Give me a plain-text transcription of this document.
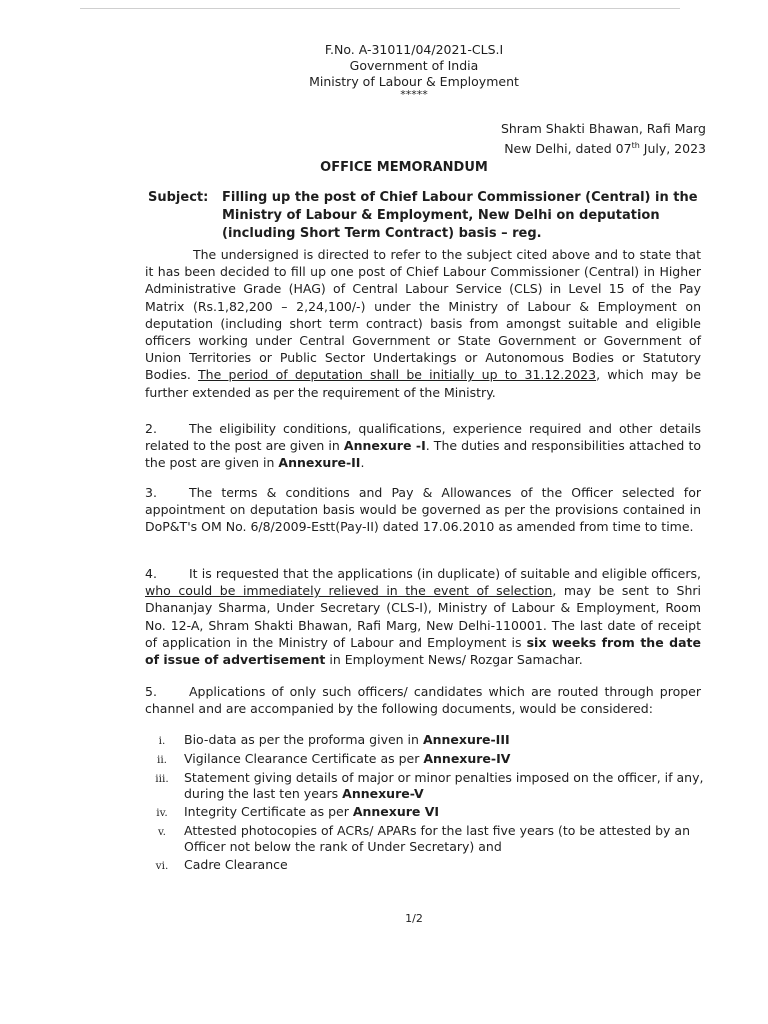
F.No. A-31011/04/2021-CLS.I
Government of India
Ministry of Labour & Employment
*****
Shram Shakti Bhawan, Rafi Marg
New Delhi, dated 07th July, 2023
OFFICE MEMORANDUM
Subject:	Filling up the post of Chief Labour Commissioner (Central) in the
Ministry of Labour & Employment, New Delhi on deputation
(including Short Term Contract) basis – reg.
The undersigned is directed to refer to the subject cited above and to state that it has been decided to fill up one post of Chief Labour Commissioner (Central) in Higher Administrative Grade (HAG) of Central Labour Service (CLS) in Level 15 of the Pay Matrix (Rs.1,82,200 – 2,24,100/-) under the Ministry of Labour & Employment on deputation (including short term contract) basis from amongst suitable and eligible officers working under Central Government or State Government or Government of Union Territories or Public Sector Undertakings or Autonomous Bodies or Statutory Bodies. The period of deputation shall be initially up to 31.12.2023, which may be further extended as per the requirement of the Ministry.
2.	The eligibility conditions, qualifications, experience required and other details related to the post are given in Annexure -I. The duties and responsibilities attached to the post are given in Annexure-II.
3.	The terms & conditions and Pay & Allowances of the Officer selected for appointment on deputation basis would be governed as per the provisions contained in DoP&T's OM No. 6/8/2009-Estt(Pay-II) dated 17.06.2010 as amended from time to time.
4.	It is requested that the applications (in duplicate) of suitable and eligible officers, who could be immediately relieved in the event of selection, may be sent to Shri Dhananjay Sharma, Under Secretary (CLS-I), Ministry of Labour & Employment, Room No. 12-A, Shram Shakti Bhawan, Rafi Marg, New Delhi-110001. The last date of receipt of application in the Ministry of Labour and Employment is six weeks from the date of issue of advertisement in Employment News/ Rozgar Samachar.
5.	Applications of only such officers/ candidates which are routed through proper channel and are accompanied by the following documents, would be considered:
i.	Bio-data as per the proforma given in Annexure-III
ii.	Vigilance Clearance Certificate as per Annexure-IV
iii.	Statement giving details of major or minor penalties imposed on the officer, if any, during the last ten years Annexure-V
iv.	Integrity Certificate as per Annexure VI
v.	Attested photocopies of ACRs/ APARs for the last five years (to be attested by an Officer not below the rank of Under Secretary) and
vi.	Cadre Clearance
1/2
